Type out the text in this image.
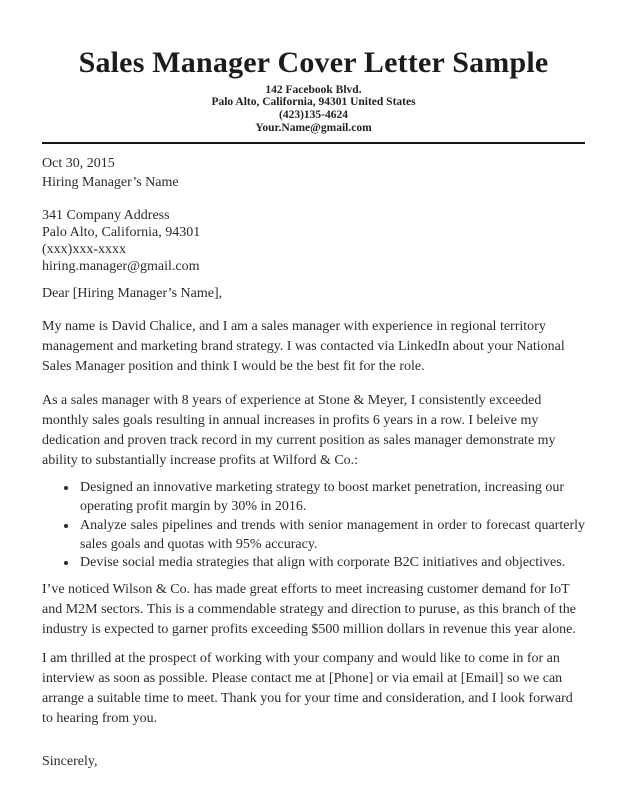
Sales Manager Cover Letter Sample
142 Facebook Blvd.
Palo Alto, California, 94301 United States
(423)135-4624
Your.Name@gmail.com
Oct 30, 2015
Hiring Manager’s Name
341 Company Address
Palo Alto, California, 94301
(xxx)xxx-xxxx
hiring.manager@gmail.com

Dear [Hiring Manager’s Name],

My name is David Chalice, and I am a sales manager with experience in regional territory management and marketing brand strategy. I was contacted via LinkedIn about your National Sales Manager position and think I would be the best fit for the role.

As a sales manager with 8 years of experience at Stone & Meyer, I consistently exceeded monthly sales goals resulting in annual increases in profits 6 years in a row. I beleive my dedication and proven track record in my current position as sales manager demonstrate my ability to substantially increase profits at Wilford & Co.:

• Designed an innovative marketing strategy to boost market penetration, increasing our operating profit margin by 30% in 2016.
• Analyze sales pipelines and trends with senior management in order to forecast quarterly sales goals and quotas with 95% accuracy.
• Devise social media strategies that align with corporate B2C initiatives and objectives.

I’ve noticed Wilson & Co. has made great efforts to meet increasing customer demand for IoT and M2M sectors. This is a commendable strategy and direction to puruse, as this branch of the industry is expected to garner profits exceeding $500 million dollars in revenue this year alone.

I am thrilled at the prospect of working with your company and would like to come in for an interview as soon as possible. Please contact me at [Phone] or via email at [Email] so we can arrange a suitable time to meet. Thank you for your time and consideration, and I look forward to hearing from you.

Sincerely,
